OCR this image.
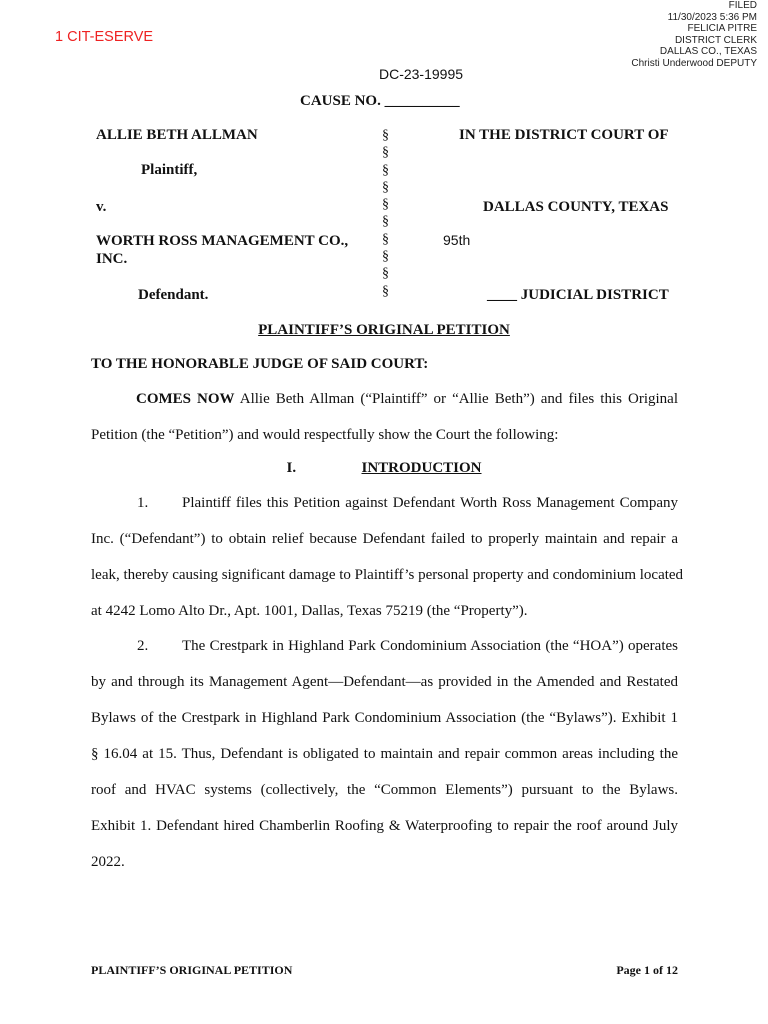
FILED
11/30/2023 5:36 PM
FELICIA PITRE
DISTRICT CLERK
DALLAS CO., TEXAS
Christi Underwood DEPUTY
1 CIT-ESERVE
DC-23-19995
CAUSE NO. __________
ALLIE BETH ALLMAN
Plaintiff,
v.
WORTH ROSS MANAGEMENT CO.,
INC.
Defendant.
§
§
§
§
§
§
§
§
§
§
IN THE DISTRICT COURT OF
DALLAS COUNTY, TEXAS
____ JUDICIAL DISTRICT
95th
PLAINTIFF’S ORIGINAL PETITION
TO THE HONORABLE JUDGE OF SAID COURT:
COMES NOW Allie Beth Allman (“Plaintiff” or “Allie Beth”) and files this Original
Petition (the “Petition”) and would respectfully show the Court the following:
I.	INTRODUCTION
1. Plaintiff files this Petition against Defendant Worth Ross Management Company
Inc. (“Defendant”) to obtain relief because Defendant failed to properly maintain and repair a
leak, thereby causing significant damage to Plaintiff’s personal property and condominium located
at 4242 Lomo Alto Dr., Apt. 1001, Dallas, Texas 75219 (the “Property”).
2. The Crestpark in Highland Park Condominium Association (the “HOA”) operates
by and through its Management Agent—Defendant—as provided in the Amended and Restated
Bylaws of the Crestpark in Highland Park Condominium Association (the “Bylaws”). Exhibit 1
§ 16.04 at 15. Thus, Defendant is obligated to maintain and repair common areas including the
roof and HVAC systems (collectively, the “Common Elements”) pursuant to the Bylaws.
Exhibit 1. Defendant hired Chamberlin Roofing & Waterproofing to repair the roof around July
2022.
PLAINTIFF’S ORIGINAL PETITION	Page 1 of 12
